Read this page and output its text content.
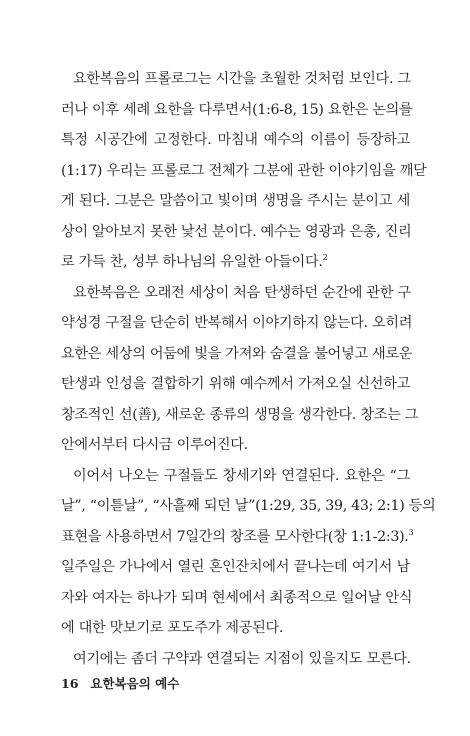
요한복음의 프롤로그는 시간을 초월한 것처럼 보인다. 그
러나 이후 세례 요한을 다루면서(1:6-8, 15) 요한은 논의를
특정 시공간에 고정한다. 마침내 예수의 이름이 등장하고
(1:17) 우리는 프롤로그 전체가 그분에 관한 이야기임을 깨닫
게 된다. 그분은 말씀이고 빛이며 생명을 주시는 분이고 세
상이 알아보지 못한 낯선 분이다. 예수는 영광과 은총, 진리
로 가득 찬, 성부 하나님의 유일한 아들이다.$^2$
요한복음은 오래전 세상이 처음 탄생하던 순간에 관한 구
약성경 구절을 단순히 반복해서 이야기하지 않는다. 오히려
요한은 세상의 어둠에 빛을 가져와 숨결을 불어넣고 새로운
탄생과 인성을 결합하기 위해 예수께서 가져오실 신선하고
창조적인 선(善), 새로운 종류의 생명을 생각한다. 창조는 그
안에서부터 다시금 이루어진다.
이어서 나오는 구절들도 창세기와 연결된다. 요한은 “그
날”, “이튿날”, “사흘째 되던 날”(1:29, 35, 39, 43; 2:1) 등의
표현을 사용하면서 7일간의 창조를 모사한다(창 1:1-2:3).$^3$
일주일은 가나에서 열린 혼인잔치에서 끝나는데 여기서 남
자와 여자는 하나가 되며 현세에서 최종적으로 일어날 안식
에 대한 맛보기로 포도주가 제공된다.
여기에는 좀더 구약과 연결되는 지점이 있을지도 모른다.
16 요한복음의 예수
